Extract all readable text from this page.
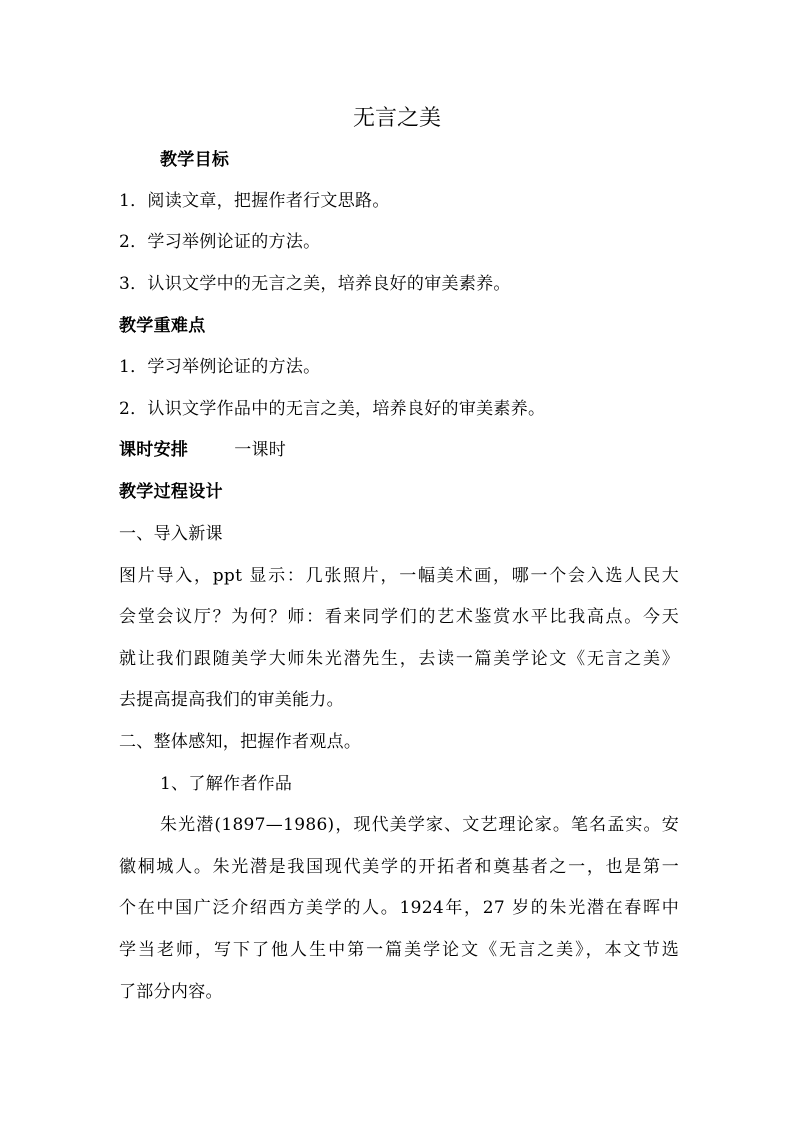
无言之美
教学目标
1．阅读文章，把握作者行文思路。
2．学习举例论证的方法。
3．认识文学中的无言之美，培养良好的审美素养。
教学重难点
1．学习举例论证的方法。
2．认识文学作品中的无言之美，培养良好的审美素养。
课时安排	一课时
教学过程设计
一、导入新课
图片导入，ppt 显示：几张照片，一幅美术画，哪一个会入选人民大
会堂会议厅？为何？师：看来同学们的艺术鉴赏水平比我高点。今天
就让我们跟随美学大师朱光潜先生，去读一篇美学论文《无言之美》
去提高提高我们的审美能力。
二、整体感知，把握作者观点。
1、了解作者作品
朱光潜(1897—1986)，现代美学家、文艺理论家。笔名孟实。安
徽桐城人。朱光潜是我国现代美学的开拓者和奠基者之一，也是第一
个在中国广泛介绍西方美学的人。1924年，27 岁的朱光潜在春晖中
学当老师，写下了他人生中第一篇美学论文《无言之美》，本文节选
了部分内容。
